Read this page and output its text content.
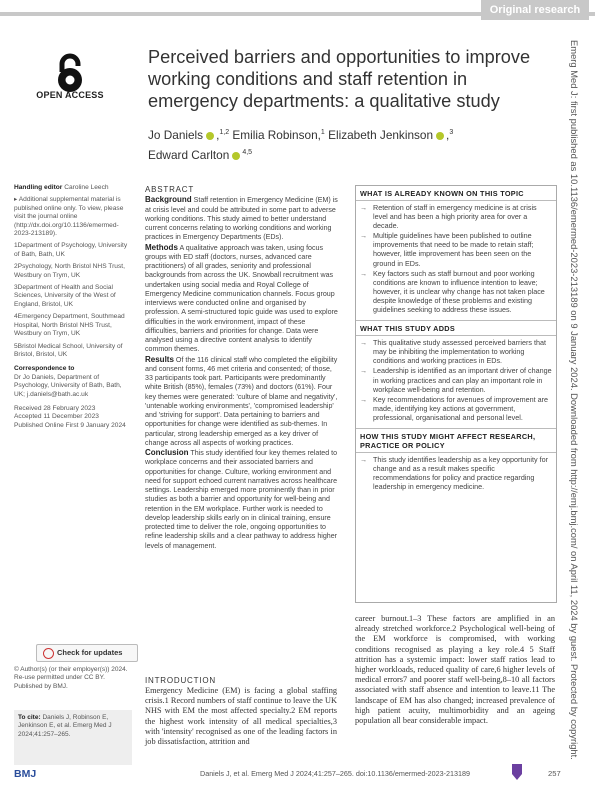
Original research
OPEN ACCESS
Perceived barriers and opportunities to improve working conditions and staff retention in emergency departments: a qualitative study
Jo Daniels ,$^{1,2}$ Emilia Robinson,$^1$ Elizabeth Jenkinson ,$^3$
Edward Carlton $^{4,5}$

Handling editor Caroline Leech

▸ Additional supplemental material is published online only. To view, please visit the journal online (http://dx.doi.org/10.1136/emermed-2023-213189).

1Department of Psychology, University of Bath, Bath, UK

2Psychology, North Bristol NHS Trust, Westbury on Trym, UK

3Department of Health and Social Sciences, University of the West of England, Bristol, UK

4Emergency Department, Southmead Hospital, North Bristol NHS Trust, Westbury on Trym, UK

5Bristol Medical School, University of Bristol, Bristol, UK

Correspondence to
Dr Jo Daniels, Department of Psychology, University of Bath, Bath, UK; j.daniels@bath.ac.uk

Received 28 February 2023
Accepted 11 December 2023
Published Online First 9 January 2024

Check for updates
© Author(s) (or their employer(s)) 2024. Re-use permitted under CC BY. Published by BMJ.
To cite: Daniels J, Robinson E, Jenkinson E, et al. Emerg Med J 2024;41:257–265.
ABSTRACT
Background Staff retention in Emergency Medicine (EM) is at crisis level and could be attributed in some part to adverse working conditions. This study aimed to better understand current concerns relating to working conditions and working practices in Emergency Departments (EDs).
Methods A qualitative approach was taken, using focus groups with ED staff (doctors, nurses, advanced care practitioners) of all grades, seniority and professional backgrounds from across the UK. Snowball recruitment was undertaken using social media and Royal College of Emergency Medicine communication channels. Focus group interviews were conducted online and organised by profession. A semi-structured topic guide was used to explore difficulties in the work environment, impact of these difficulties, barriers and priorities for change. Data were analysed using a directive content analysis to identify common themes.
Results Of the 116 clinical staff who completed the eligibility and consent forms, 46 met criteria and consented; of those, 33 participants took part. Participants were predominantly white British (85%), females (73%) and doctors (61%). Four key themes were generated: 'culture of blame and negativity', 'untenable working environments', 'compromised leadership' and 'striving for support'. Data pertaining to barriers and opportunities for change were identified as sub-themes. In particular, strong leadership emerged as a key driver of change across all aspects of working practices.
Conclusion This study identified four key themes related to workplace concerns and their associated barriers and opportunities for change. Culture, working environment and need for support echoed current narratives across healthcare settings. Leadership emerged more prominently than in prior studies as both a barrier and opportunity for well-being and retention in the EM workplace. Further work is needed to develop leadership skills early on in clinical training, ensure protected time to deliver the role, ongoing opportunities to refine leadership skills and a clear pathway to address higher levels of management.
INTRODUCTION
Emergency Medicine (EM) is facing a global staffing crisis.1 Record numbers of staff continue to leave the UK NHS with EM the most affected specialty.2 EM reports the highest work intensity of all medical specialties,3 with 'intensity' recognised as one of the leading factors in job dissatisfaction, attrition and
career burnout.1–3 These factors are amplified in an already stretched workforce.2 Psychological well-being of the EM workforce is compromised, with working conditions recognised as playing a key role.4 5 Staff attrition has a systemic impact: lower staff ratios lead to higher workloads, reduced quality of care,6 higher levels of medical errors7 and poorer staff well-being,8–10 all factors associated with staff absence and intention to leave.11 The landscape of EM has also changed; increased prevalence of high patient acuity, multimorbidity and an ageing population all bear considerable impact.
WHAT IS ALREADY KNOWN ON THIS TOPIC
→ Retention of staff in emergency medicine is at crisis level and has been a high priority area for over a decade.
→ Multiple guidelines have been published to outline improvements that need to be made to retain staff; however, little improvement has been seen on the ground in EDs.
→ Key factors such as staff burnout and poor working conditions are known to influence intention to leave; however, it is unclear why change has not taken place despite knowledge of these problems and existing guidelines seeking to address these issues.
WHAT THIS STUDY ADDS
→ This qualitative study assessed perceived barriers that may be inhibiting the implementation to working conditions and working practices in EDs.
→ Leadership is identified as an important driver of change in working practices and can play an important role in workplace well-being and retention.
→ Key recommendations for avenues of improvement are made, identifying key actions at government, professional, organisational and personal level.
HOW THIS STUDY MIGHT AFFECT RESEARCH, PRACTICE OR POLICY
→ This study identifies leadership as a key opportunity for change and as a result makes specific recommendations for policy and practice regarding leadership in emergency medicine.	Emerg Med J: first published as 10.1136/emermed-2023-213189 on 9 January 2024. Downloaded from http://emj.bmj.com/ on April 11, 2024 by guest. Protected by copyright.
BMJ	Daniels J, et al. Emerg Med J 2024;41:257–265. doi:10.1136/emermed-2023-213189	257
